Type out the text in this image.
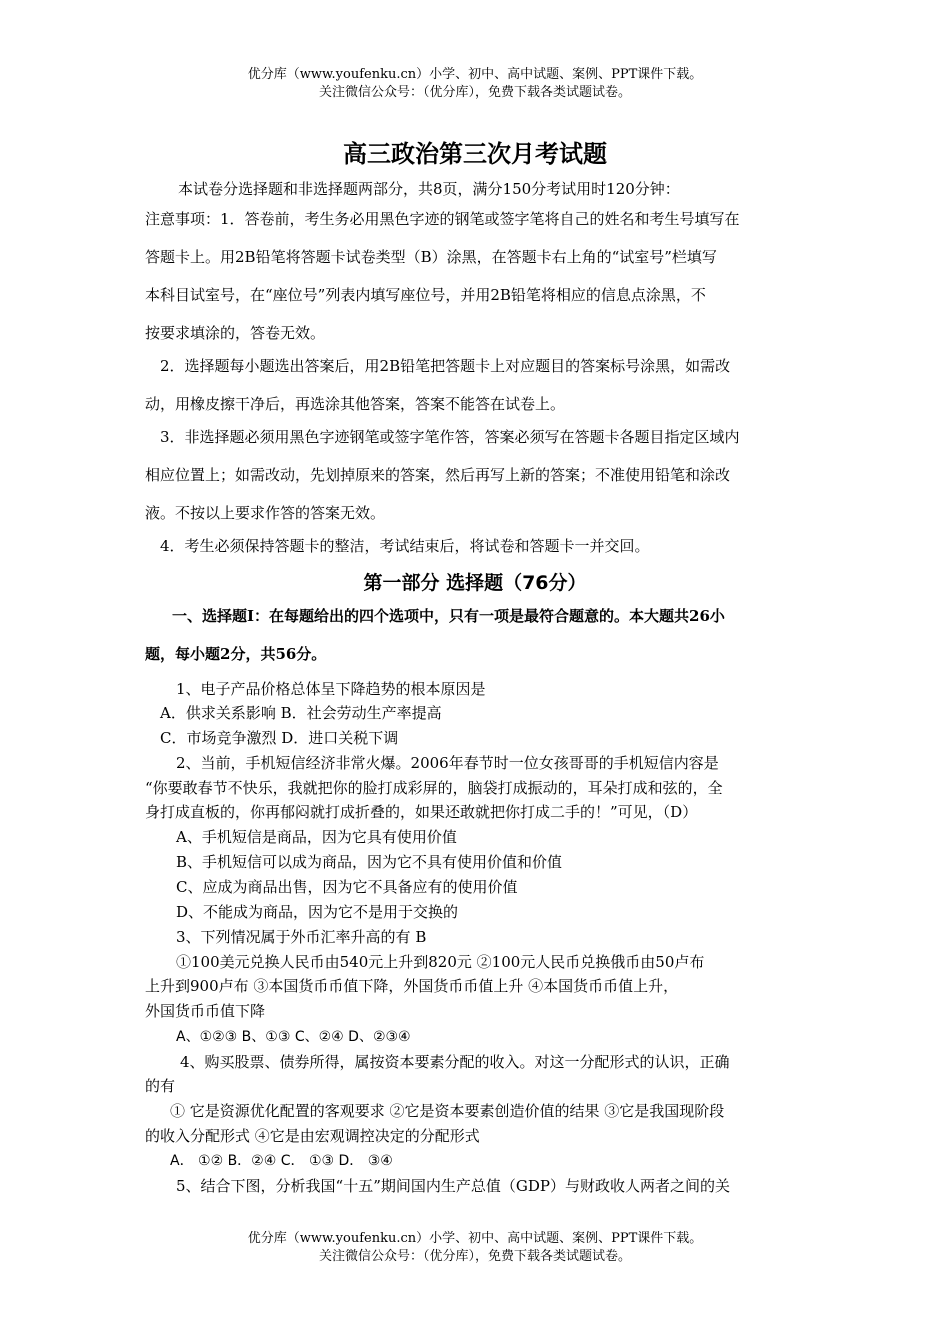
优分库（www.youfenku.cn）小学、初中、高中试题、案例、PPT课件下载。
关注微信公众号：（优分库），免费下载各类试题试卷。
高三政治第三次月考试题
本试卷分选择题和非选择题两部分，共8页，满分150分考试用时120分钟：
注意事项：1．答卷前，考生务必用黑色字迹的钢笔或签字笔将自己的姓名和考生号填写在
答题卡上。用2B铅笔将答题卡试卷类型（B）涂黑，在答题卡右上角的“试室号”栏填写
本科目试室号，在“座位号”列表内填写座位号，并用2B铅笔将相应的信息点涂黑，不
按要求填涂的，答卷无效。
2．选择题每小题选出答案后，用2B铅笔把答题卡上对应题目的答案标号涂黑，如需改
动，用橡皮擦干净后，再选涂其他答案，答案不能答在试卷上。
3．非选择题必须用黑色字迹钢笔或签字笔作答，答案必须写在答题卡各题目指定区域内
相应位置上；如需改动，先划掉原来的答案，然后再写上新的答案；不准使用铅笔和涂改
液。不按以上要求作答的答案无效。
4．考生必须保持答题卡的整洁，考试结束后，将试卷和答题卡一并交回。
第一部分 选择题（76分）
一、选择题Ⅰ：在每题给出的四个选项中，只有一项是最符合题意的。本大题共26小
题，每小题2分，共56分。
1、电子产品价格总体呈下降趋势的根本原因是
A．供求关系影响 B．社会劳动生产率提高
C．市场竞争激烈 D．进口关税下调
2、当前，手机短信经济非常火爆。2006年春节时一位女孩哥哥的手机短信内容是
“你要敢春节不快乐，我就把你的脸打成彩屏的，脑袋打成振动的，耳朵打成和弦的，全
身打成直板的，你再郁闷就打成折叠的，如果还敢就把你打成二手的！”可见，（D）
A、手机短信是商品，因为它具有使用价值
B、手机短信可以成为商品，因为它不具有使用价值和价值
C、应成为商品出售，因为它不具备应有的使用价值
D、不能成为商品，因为它不是用于交换的
3、下列情况属于外币汇率升高的有 B
①100美元兑换人民币由540元上升到820元 ②100元人民币兑换俄币由50卢布
上升到900卢布 ③本国货币币值下降，外国货币币值上升 ④本国货币币值上升，
外国货币币值下降
A、①②③ B、①③ C、②④ D、②③④
4、购买股票、债券所得，属按资本要素分配的收入。对这一分配形式的认识，正确
的有
① 它是资源优化配置的客观要求 ②它是资本要素创造价值的结果 ③它是我国现阶段
的收入分配形式 ④它是由宏观调控决定的分配形式
A． ①② B．②④ C． ①③ D． ③④
5、结合下图，分析我国“十五”期间国内生产总值（GDP）与财政收人两者之间的关
优分库（www.youfenku.cn）小学、初中、高中试题、案例、PPT课件下载。
关注微信公众号：（优分库），免费下载各类试题试卷。
